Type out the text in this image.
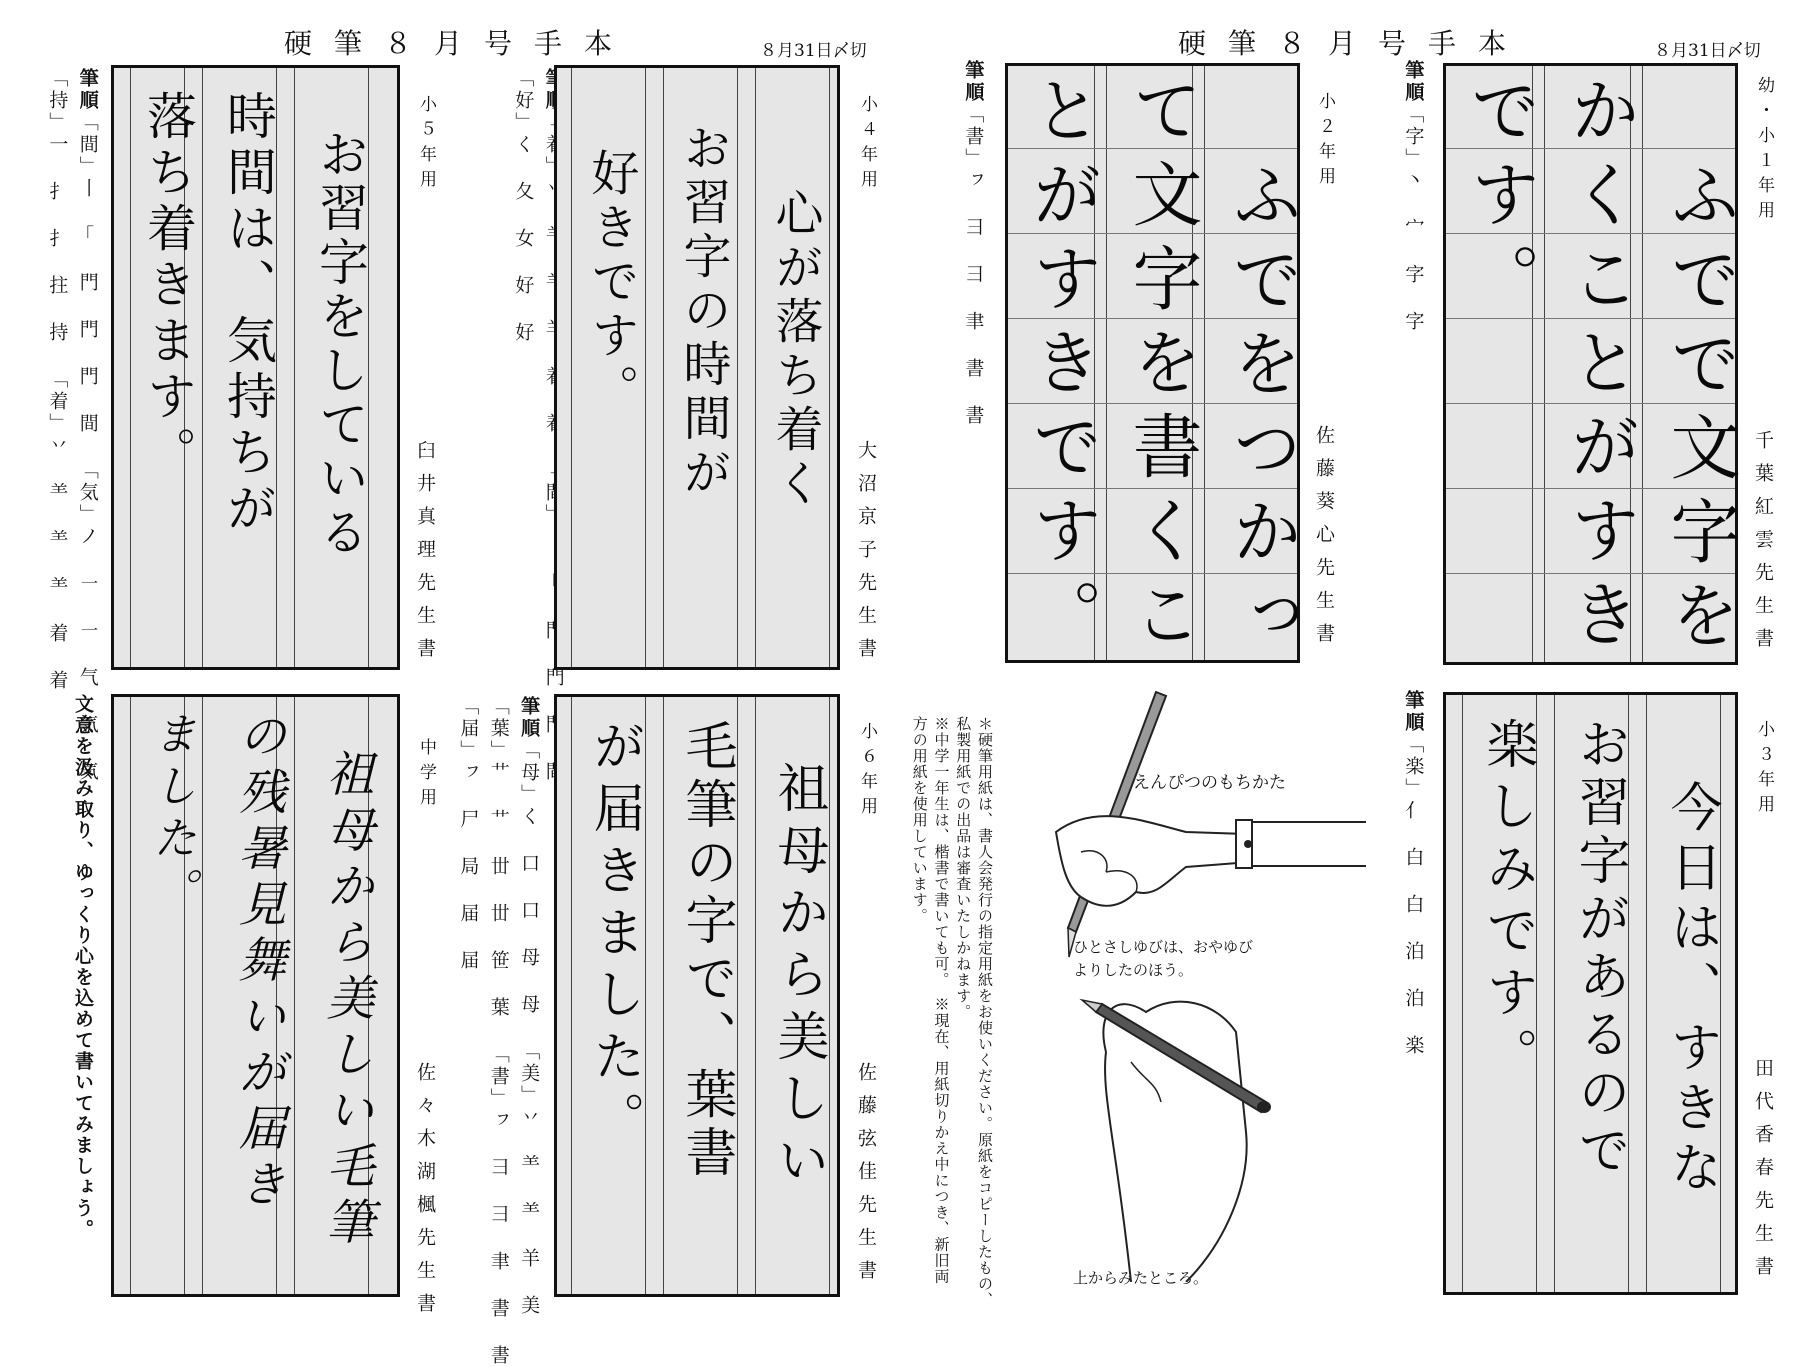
硬筆８月号手本	８月31日〆切	硬筆８月号手本	８月31日〆切
筆順「間」丨 ｢ 門 門 門 間 「気」ノ ㇐ ㇐ 气 気 気
「持」一 扌 扌 拄 持 「着」丷 ⺷ ⺷ ⺷ 着 着 落ち着きます。 時間は、気持ちが お習字をしている	小５年用
臼井真理先生書
門
「好」く 夂 女 好 好 好きです。 お習字の時間が 心が落ち着く
小４年用
大沼京子先生書
筆順「書」ㇷ ⺕ ⺕ 聿 書 書 とがすきです。 て文字を書くこ ふでをつかっ
小２年用
佐藤葵心先生書
筆順「字」丶 宀 字 字 です。 かくことがすき ふでで文字を
幼・小１年用
千葉紅雲先生書
文意を汲み取り、ゆっくり心を込めて書いてみましょう。 ました。 の残暑見舞いが届き 祖母から美しい毛筆	中学用
佐々木湖楓先生書
筆順「母」く 口 口 母 母 「美」丷 ⺷ ⺷ 羊 美
「葉」艹 艹 丗 丗 笹 葉 「書」ㇷ ⺕ ⺕ 聿 書 書
「届」ㇷ 尸 局 届 届 が届きました。 毛筆の字で、葉書 祖母から美しい	小６年用
佐藤弦佳先生書	＊硬筆用紙は、書人会発行の指定用紙をお使いください。原紙をコピーしたもの、
私製用紙での出品は審査いたしかねます。
※中学一年生は、楷書で書いても可。　※現在、用紙切りかえ中につき、新旧両
方の用紙を使用しています。	えんぴつのもちかた
ひとさしゆびは、おやゆび
よりしたのほう。
上からみたところ。
筆順「楽」亻 白 白 泊 泊 楽 楽しみです。 お習字があるので 今日は、すきな
小３年用
田代香春先生書
